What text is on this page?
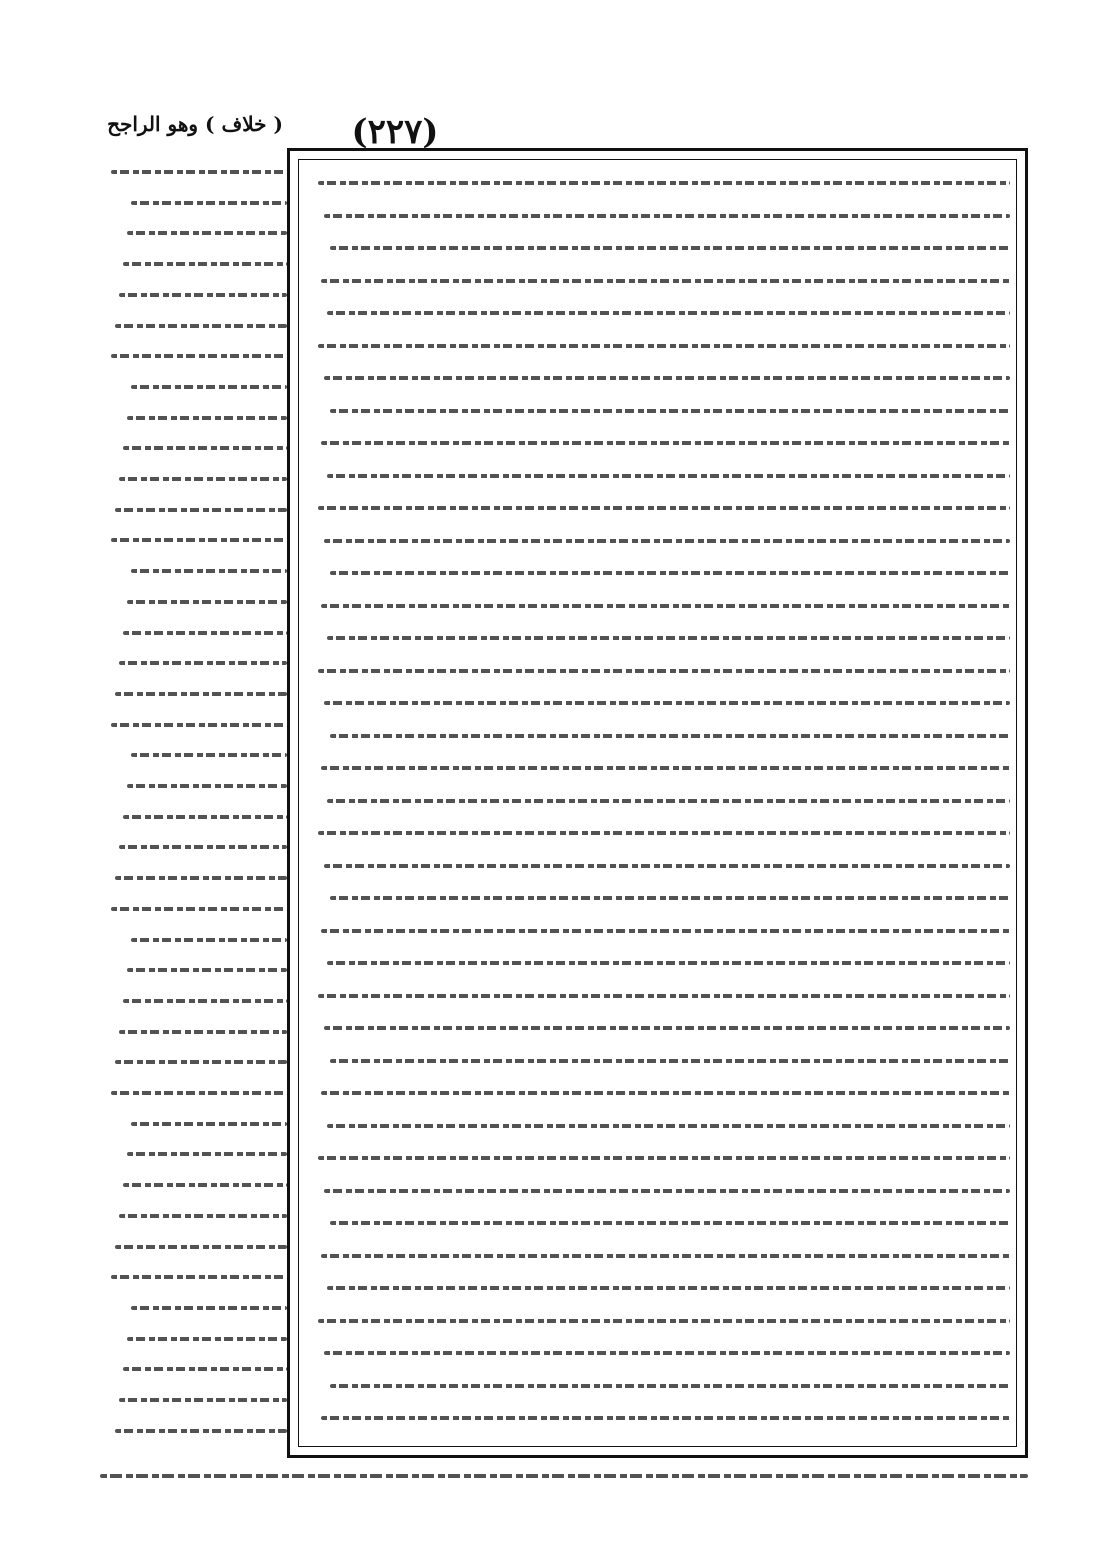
(٢٢٧)
( خلاف ) وهو الراجح
